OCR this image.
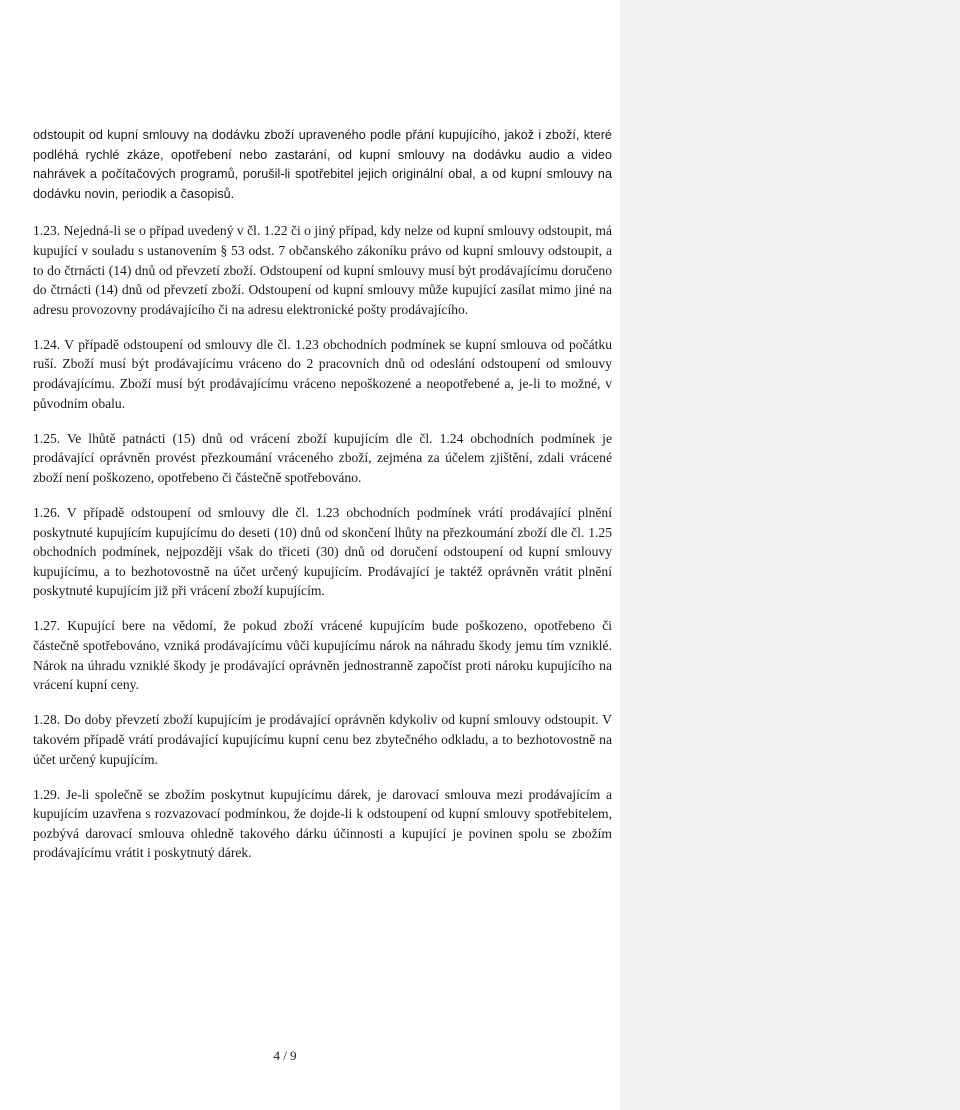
odstoupit od kupní smlouvy na dodávku zboží upraveného podle přání kupujícího, jakož i zboží, které podléhá rychlé zkáze, opotřebení nebo zastarání, od kupní smlouvy na dodávku audio a video nahrávek a počítačových programů, porušil-li spotřebitel jejich originální obal, a od kupní smlouvy na dodávku novin, periodik a časopisů.

1.23. Nejedná-li se o případ uvedený v čl. 1.22 či o jiný případ, kdy nelze od kupní smlouvy odstoupit, má kupující v souladu s ustanovením § 53 odst. 7 občanského zákoníku právo od kupní smlouvy odstoupit, a to do čtrnácti (14) dnů od převzetí zboží. Odstoupení od kupní smlouvy musí být prodávajícímu doručeno do čtrnácti (14) dnů od převzetí zboží. Odstoupení od kupní smlouvy může kupující zasílat mimo jiné na adresu provozovny prodávajícího či na adresu elektronické pošty prodávajícího.

1.24. V případě odstoupení od smlouvy dle čl. 1.23 obchodních podmínek se kupní smlouva od počátku ruší. Zboží musí být prodávajícímu vráceno do 2 pracovních dnů od odeslání odstoupení od smlouvy prodávajícímu. Zboží musí být prodávajícímu vráceno nepoškozené a neopotřebené a, je-li to možné, v původním obalu.

1.25. Ve lhůtě patnácti (15) dnů od vrácení zboží kupujícím dle čl. 1.24 obchodních podmínek je prodávající oprávněn provést přezkoumání vráceného zboží, zejména za účelem zjištění, zdali vrácené zboží není poškozeno, opotřebeno či částečně spotřebováno.

1.26. V případě odstoupení od smlouvy dle čl. 1.23 obchodních podmínek vrátí prodávající plnění poskytnuté kupujícím kupujícímu do deseti (10) dnů od skončení lhůty na přezkoumání zboží dle čl. 1.25 obchodních podmínek, nejpozději však do třiceti (30) dnů od doručení odstoupení od kupní smlouvy kupujícímu, a to bezhotovostně na účet určený kupujícím. Prodávající je taktéž oprávněn vrátit plnění poskytnuté kupujícím již při vrácení zboží kupujícím.

1.27. Kupující bere na vědomí, že pokud zboží vrácené kupujícím bude poškozeno, opotřebeno či částečně spotřebováno, vzniká prodávajícímu vůči kupujícímu nárok na náhradu škody jemu tím vzniklé. Nárok na úhradu vzniklé škody je prodávající oprávněn jednostranně započíst proti nároku kupujícího na vrácení kupní ceny.

1.28. Do doby převzetí zboží kupujícím je prodávající oprávněn kdykoliv od kupní smlouvy odstoupit. V takovém případě vrátí prodávající kupujícímu kupní cenu bez zbytečného odkladu, a to bezhotovostně na účet určený kupujícím.

1.29. Je-li společně se zbožím poskytnut kupujícímu dárek, je darovací smlouva mezi prodávajícím a kupujícím uzavřena s rozvazovací podmínkou, že dojde-li k odstoupení od kupní smlouvy spotřebitelem, pozbývá darovací smlouva ohledně takového dárku účinnosti a kupující je povinen spolu se zbožím prodávajícímu vrátit i poskytnutý dárek.

4 / 9
